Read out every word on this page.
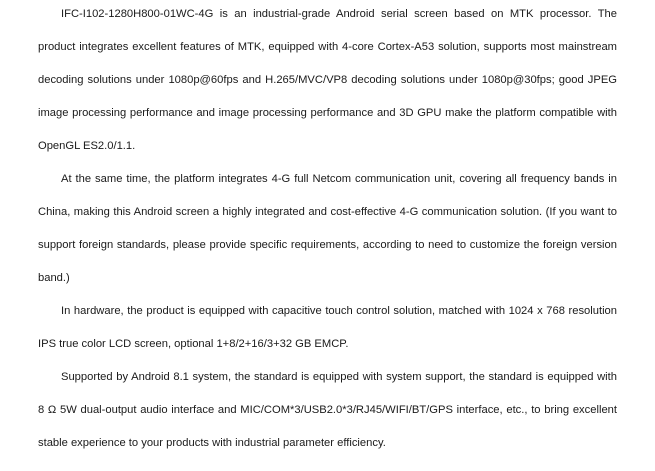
IFC-I102-1280H800-01WC-4G is an industrial-grade Android serial screen based on MTK processor. The product integrates excellent features of MTK, equipped with 4-core Cortex-A53 solution, supports most mainstream decoding solutions under 1080p@60fps and H.265/MVC/VP8 decoding solutions under 1080p@30fps; good JPEG image processing performance and image processing performance and 3D GPU make the platform compatible with OpenGL ES2.0/1.1.

At the same time, the platform integrates 4-G full Netcom communication unit, covering all frequency bands in China, making this Android screen a highly integrated and cost-effective 4-G communication solution. (If you want to support foreign standards, please provide specific requirements, according to need to customize the foreign version band.)

In hardware, the product is equipped with capacitive touch control solution, matched with 1024 x 768 resolution IPS true color LCD screen, optional 1+8/2+16/3+32 GB EMCP.

Supported by Android 8.1 system, the standard is equipped with system support, the standard is equipped with 8 Ω 5W dual-output audio interface and MIC/COM*3/USB2.0*3/RJ45/WIFI/BT/GPS interface, etc., to bring excellent stable experience to your products with industrial parameter efficiency.
